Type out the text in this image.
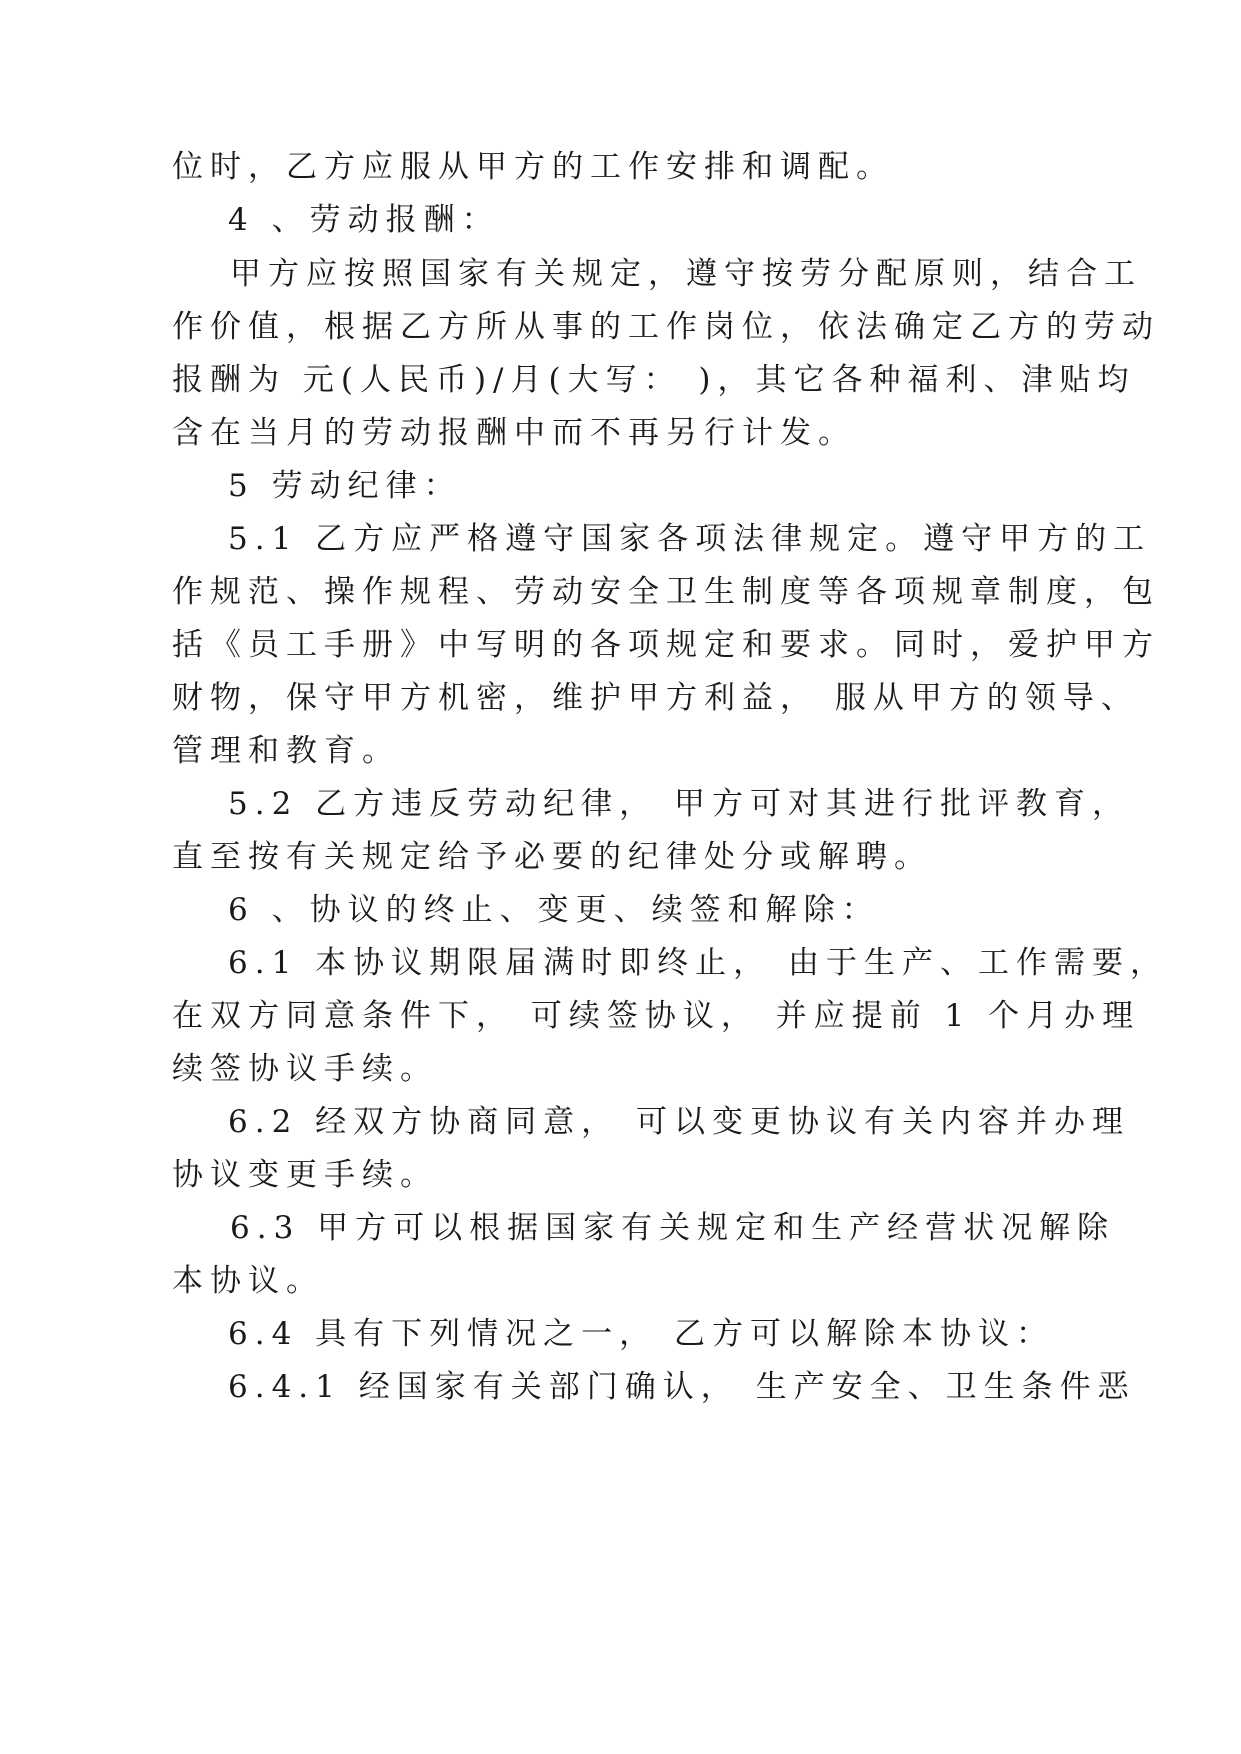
位时，乙方应服从甲方的工作安排和调配。

4 、劳动报酬：

甲方应按照国家有关规定，遵守按劳分配原则，结合工

作价值，根据乙方所从事的工作岗位，依法确定乙方的劳动

报酬为 元(人民币)/月(大写： )，其它各种福利、津贴均

含在当月的劳动报酬中而不再另行计发。

5 劳动纪律：

5.1 乙方应严格遵守国家各项法律规定。遵守甲方的工

作规范、操作规程、劳动安全卫生制度等各项规章制度，包

括《员工手册》中写明的各项规定和要求。同时，爱护甲方

财物，保守甲方机密，维护甲方利益， 服从甲方的领导、

管理和教育。

5.2 乙方违反劳动纪律， 甲方可对其进行批评教育，

直至按有关规定给予必要的纪律处分或解聘。

6 、协议的终止、变更、续签和解除：

6.1 本协议期限届满时即终止， 由于生产、工作需要，

在双方同意条件下， 可续签协议， 并应提前 1 个月办理

续签协议手续。

6.2 经双方协商同意， 可以变更协议有关内容并办理

协议变更手续。

6.3 甲方可以根据国家有关规定和生产经营状况解除

本协议。

6.4 具有下列情况之一， 乙方可以解除本协议：

6.4.1 经国家有关部门确认， 生产安全、卫生条件恶
